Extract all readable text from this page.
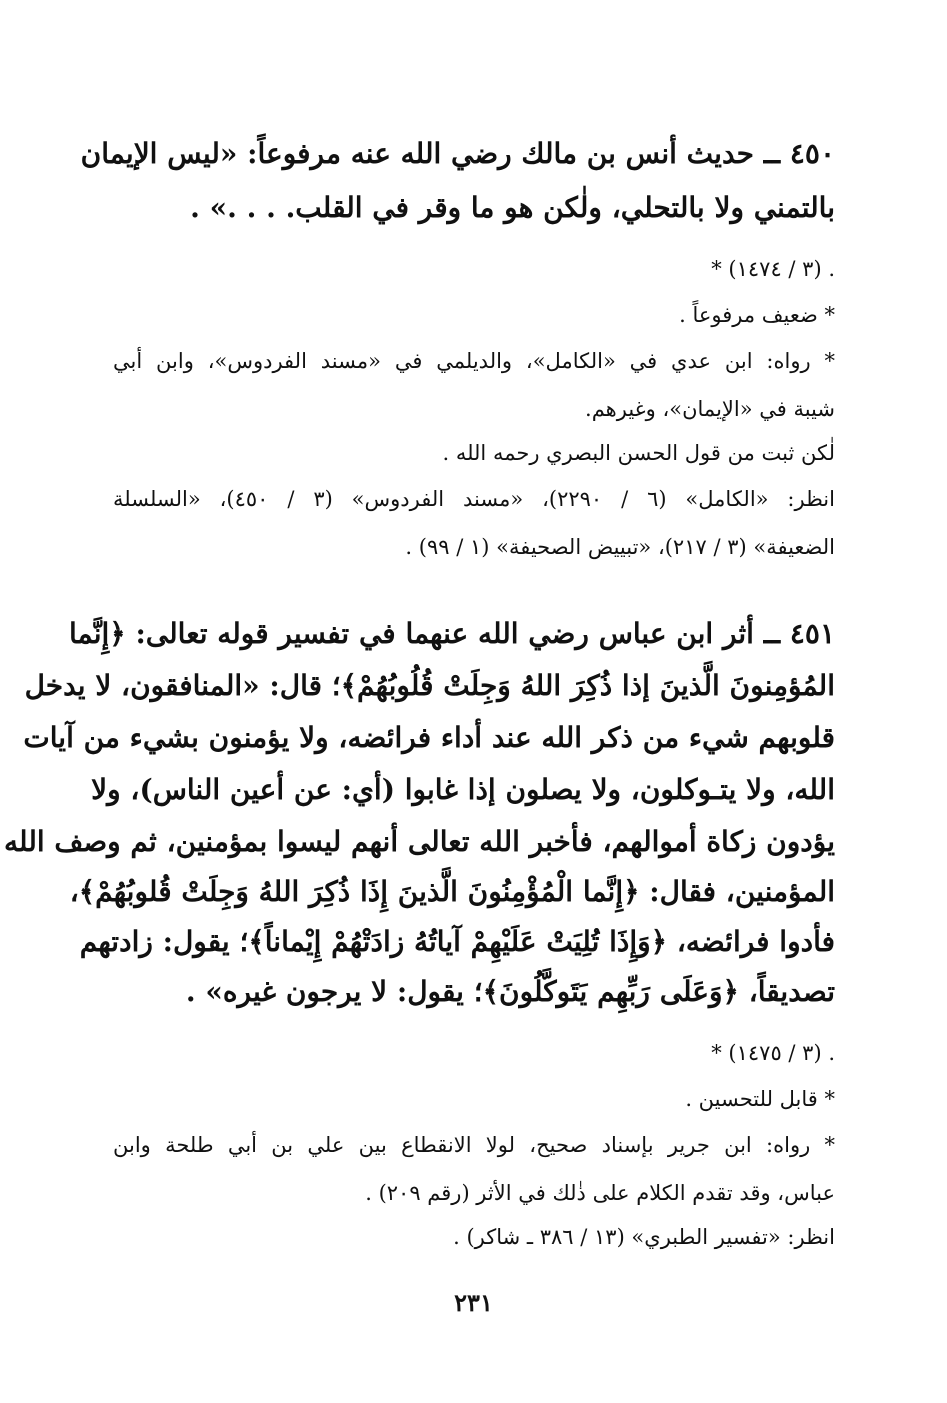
٤٥٠ ــ حديث أنس بن مالك رضي الله عنه مرفوعاً: «ليس الإيمان
بالتمني ولا بالتحلي، ولٰكن هو ما وقر في القلب. . . .» .
* (٣ / ١٤٧٤) .
* ضعيف مرفوعاً .
* رواه: ابن عدي في «الكامل»، والديلمي في «مسند الفردوس»، وابن أبي
شيبة في «الإيمان»، وغيرهم.
لٰكن ثبت من قول الحسن البصري رحمه الله .
انظر: «الكامل» (٦ / ٢٢٩٠)، «مسند الفردوس» (٣ / ٤٥٠)، «السلسلة
الضعيفة» (٣ / ٢١٧)، «تبييض الصحيفة» (١ / ٩٩) .
٤٥١ ــ أثر ابن عباس رضي الله عنهما في تفسير قوله تعالى: ﴿إِنَّما
المُؤمِنونَ الَّذينَ إذا ذُكِرَ اللهُ وَجِلَتْ قُلُوبُهُمْ﴾؛ قال: «المنافقون، لا يدخل
قلوبهم شيء من ذكر الله عند أداء فرائضه، ولا يؤمنون بشيء من آيات
الله، ولا يتـوكلون، ولا يصلون إذا غابوا (أي: عن أعين الناس)، ولا
يؤدون زكاة أموالهم، فأخبر الله تعالى أنهم ليسوا بمؤمنين، ثم وصف الله
المؤمنين، فقال: ﴿إِنَّما الْمُؤْمِنُونَ الَّذينَ إِذَا ذُكِرَ اللهُ وَجِلَتْ قُلوبُهُمْ﴾،
فأدوا فرائضه، ﴿وَإِذَا تُلِيَتْ عَلَيْهِمْ آياتُهُ زادَتْهُمْ إِيْماناً﴾؛ يقول: زادتهم
تصديقاً، ﴿وَعَلَى رَبِّهِم يَتَوكَّلُونَ﴾؛ يقول: لا يرجون غيره» .
* (٣ / ١٤٧٥) .
* قابل للتحسين .
* رواه: ابن جرير بإسناد صحيح، لولا الانقطاع بين علي بن أبي طلحة وابن
عباس، وقد تقدم الكلام على ذٰلك في الأثر (رقم ٢٠٩) .
انظر: «تفسير الطبري» (١٣ / ٣٨٦ ـ شاكر) .
٢٣١
